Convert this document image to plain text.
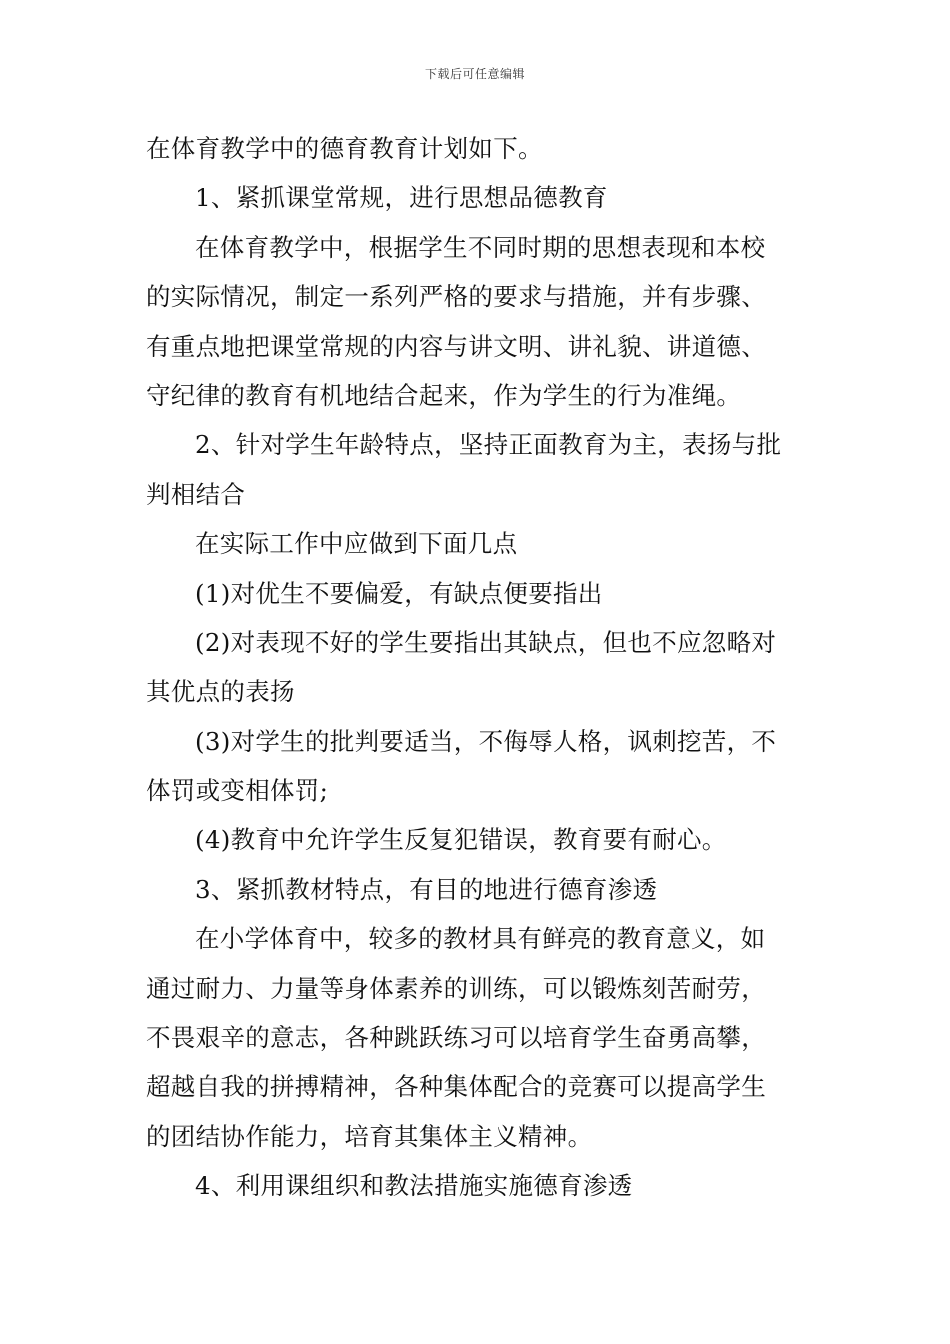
下载后可任意编辑
在体育教学中的德育教育计划如下。
1、紧抓课堂常规，进行思想品德教育
在体育教学中，根据学生不同时期的思想表现和本校
的实际情况，制定一系列严格的要求与措施，并有步骤、
有重点地把课堂常规的内容与讲文明、讲礼貌、讲道德、
守纪律的教育有机地结合起来，作为学生的行为准绳。
2、针对学生年龄特点，坚持正面教育为主，表扬与批
判相结合
在实际工作中应做到下面几点
(1)对优生不要偏爱，有缺点便要指出
(2)对表现不好的学生要指出其缺点，但也不应忽略对
其优点的表扬
(3)对学生的批判要适当，不侮辱人格，讽刺挖苦，不
体罚或变相体罚;
(4)教育中允许学生反复犯错误，教育要有耐心。
3、紧抓教材特点，有目的地进行德育渗透
在小学体育中，较多的教材具有鲜亮的教育意义，如
通过耐力、力量等身体素养的训练，可以锻炼刻苦耐劳，
不畏艰辛的意志，各种跳跃练习可以培育学生奋勇高攀，
超越自我的拼搏精神，各种集体配合的竞赛可以提高学生
的团结协作能力，培育其集体主义精神。
4、利用课组织和教法措施实施德育渗透
